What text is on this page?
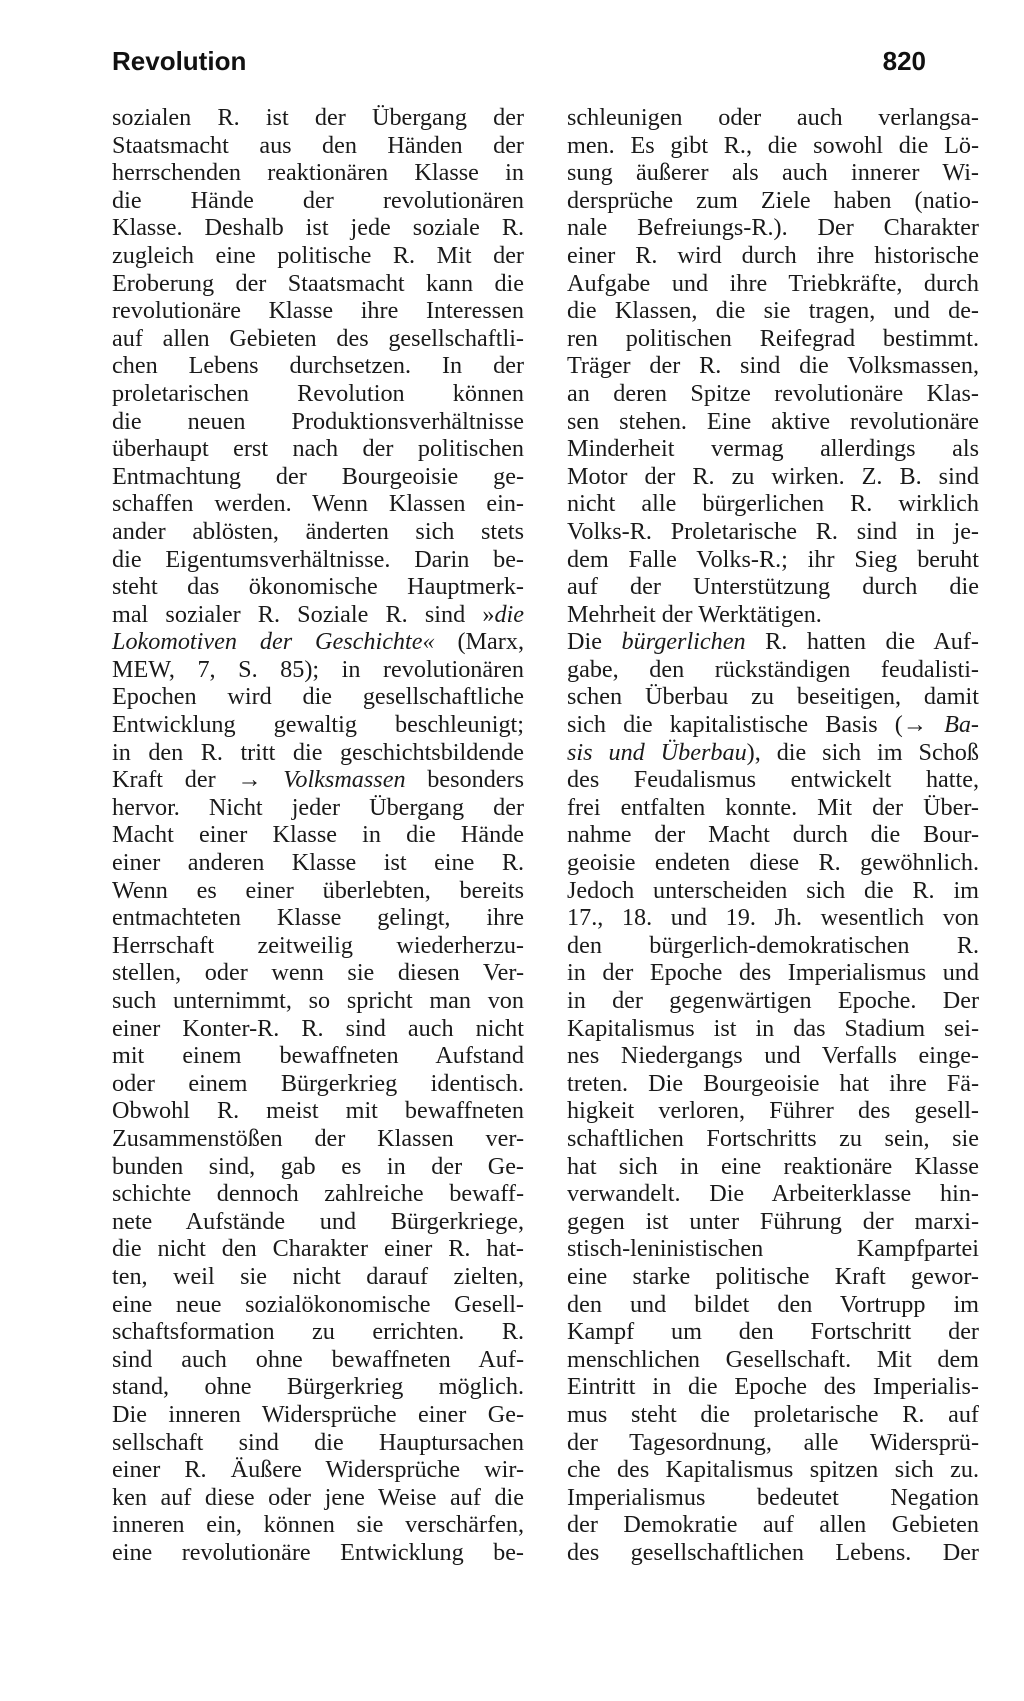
Revolution	820
sozialen R. ist der Übergang der
Staatsmacht aus den Händen der
herrschenden reaktionären Klasse in
die Hände der revolutionären
Klasse. Deshalb ist jede soziale R.
zugleich eine politische R. Mit der
Eroberung der Staatsmacht kann die
revolutionäre Klasse ihre Interessen
auf allen Gebieten des gesellschaftli-
chen Lebens durchsetzen. In der
proletarischen Revolution können
die neuen Produktionsverhältnisse
überhaupt erst nach der politischen
Entmachtung der Bourgeoisie ge-
schaffen werden. Wenn Klassen ein-
ander ablösten, änderten sich stets
die Eigentumsverhältnisse. Darin be-
steht das ökonomische Hauptmerk-
mal sozialer R. Soziale R. sind »die
Lokomotiven der Geschichte« (Marx,
MEW, 7, S. 85); in revolutionären
Epochen wird die gesellschaftliche
Entwicklung gewaltig beschleunigt;
in den R. tritt die geschichtsbildende
Kraft der → Volksmassen besonders
hervor. Nicht jeder Übergang der
Macht einer Klasse in die Hände
einer anderen Klasse ist eine R.
Wenn es einer überlebten, bereits
entmachteten Klasse gelingt, ihre
Herrschaft zeitweilig wiederherzu-
stellen, oder wenn sie diesen Ver-
such unternimmt, so spricht man von
einer Konter-R. R. sind auch nicht
mit einem bewaffneten Aufstand
oder einem Bürgerkrieg identisch.
Obwohl R. meist mit bewaffneten
Zusammenstößen der Klassen ver-
bunden sind, gab es in der Ge-
schichte dennoch zahlreiche bewaff-
nete Aufstände und Bürgerkriege,
die nicht den Charakter einer R. hat-
ten, weil sie nicht darauf zielten,
eine neue sozialökonomische Gesell-
schaftsformation zu errichten. R.
sind auch ohne bewaffneten Auf-
stand, ohne Bürgerkrieg möglich.
Die inneren Widersprüche einer Ge-
sellschaft sind die Hauptursachen
einer R. Äußere Widersprüche wir-
ken auf diese oder jene Weise auf die
inneren ein, können sie verschärfen,
eine revolutionäre Entwicklung be-
schleunigen oder auch verlangsa-
men. Es gibt R., die sowohl die Lö-
sung äußerer als auch innerer Wi-
dersprüche zum Ziele haben (natio-
nale Befreiungs-R.). Der Charakter
einer R. wird durch ihre historische
Aufgabe und ihre Triebkräfte, durch
die Klassen, die sie tragen, und de-
ren politischen Reifegrad bestimmt.
Träger der R. sind die Volksmassen,
an deren Spitze revolutionäre Klas-
sen stehen. Eine aktive revolutionäre
Minderheit vermag allerdings als
Motor der R. zu wirken. Z. B. sind
nicht alle bürgerlichen R. wirklich
Volks-R. Proletarische R. sind in je-
dem Falle Volks-R.; ihr Sieg beruht
auf der Unterstützung durch die
Mehrheit der Werktätigen.
Die bürgerlichen R. hatten die Auf-
gabe, den rückständigen feudalisti-
schen Überbau zu beseitigen, damit
sich die kapitalistische Basis (→ Ba-
sis und Überbau), die sich im Schoß
des Feudalismus entwickelt hatte,
frei entfalten konnte. Mit der Über-
nahme der Macht durch die Bour-
geoisie endeten diese R. gewöhnlich.
Jedoch unterscheiden sich die R. im
17., 18. und 19. Jh. wesentlich von
den bürgerlich-demokratischen R.
in der Epoche des Imperialismus und
in der gegenwärtigen Epoche. Der
Kapitalismus ist in das Stadium sei-
nes Niedergangs und Verfalls einge-
treten. Die Bourgeoisie hat ihre Fä-
higkeit verloren, Führer des gesell-
schaftlichen Fortschritts zu sein, sie
hat sich in eine reaktionäre Klasse
verwandelt. Die Arbeiterklasse hin-
gegen ist unter Führung der marxi-
stisch-leninistischen Kampfpartei
eine starke politische Kraft gewor-
den und bildet den Vortrupp im
Kampf um den Fortschritt der
menschlichen Gesellschaft. Mit dem
Eintritt in die Epoche des Imperialis-
mus steht die proletarische R. auf
der Tagesordnung, alle Widersprü-
che des Kapitalismus spitzen sich zu.
Imperialismus bedeutet Negation
der Demokratie auf allen Gebieten
des gesellschaftlichen Lebens. Der
